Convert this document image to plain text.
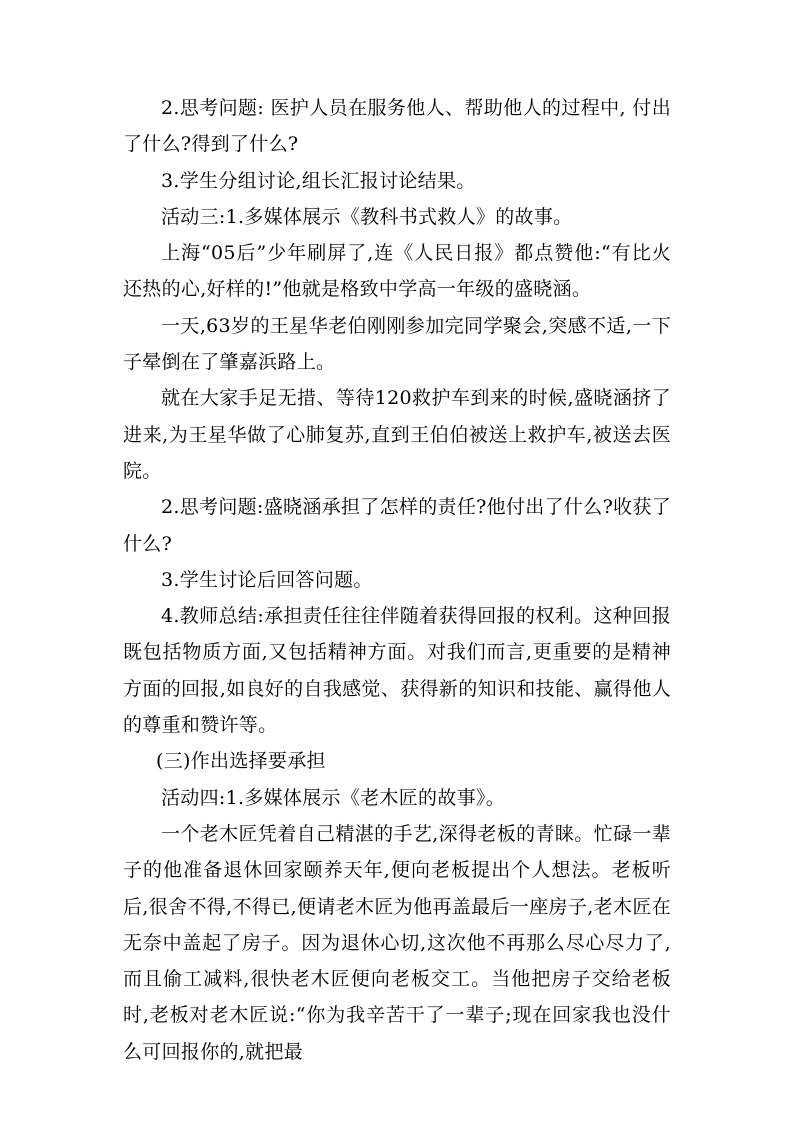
2.思考问题: 医护人员在服务他人、帮助他人的过程中, 付出了什么?得到了什么?

3.学生分组讨论,组长汇报讨论结果。

活动三:1.多媒体展示《教科书式救人》的故事。

上海“05后”少年刷屏了,连《人民日报》都点赞他:“有比火还热的心,好样的!”他就是格致中学高一年级的盛晓涵。

一天,63岁的王星华老伯刚刚参加完同学聚会,突感不适,一下子晕倒在了肇嘉浜路上。

就在大家手足无措、等待120救护车到来的时候,盛晓涵挤了进来,为王星华做了心肺复苏,直到王伯伯被送上救护车,被送去医院。

2.思考问题:盛晓涵承担了怎样的责任?他付出了什么?收获了什么?

3.学生讨论后回答问题。

4.教师总结:承担责任往往伴随着获得回报的权利。这种回报既包括物质方面,又包括精神方面。对我们而言,更重要的是精神方面的回报,如良好的自我感觉、获得新的知识和技能、赢得他人的尊重和赞许等。

(三)作出选择要承担

活动四:1.多媒体展示《老木匠的故事》。

一个老木匠凭着自己精湛的手艺,深得老板的青睐。忙碌一辈子的他准备退休回家颐养天年,便向老板提出个人想法。老板听后,很舍不得,不得已,便请老木匠为他再盖最后一座房子,老木匠在无奈中盖起了房子。因为退休心切,这次他不再那么尽心尽力了,而且偷工减料,很快老木匠便向老板交工。当他把房子交给老板时,老板对老木匠说:“你为我辛苦干了一辈子;现在回家我也没什么可回报你的,就把最
